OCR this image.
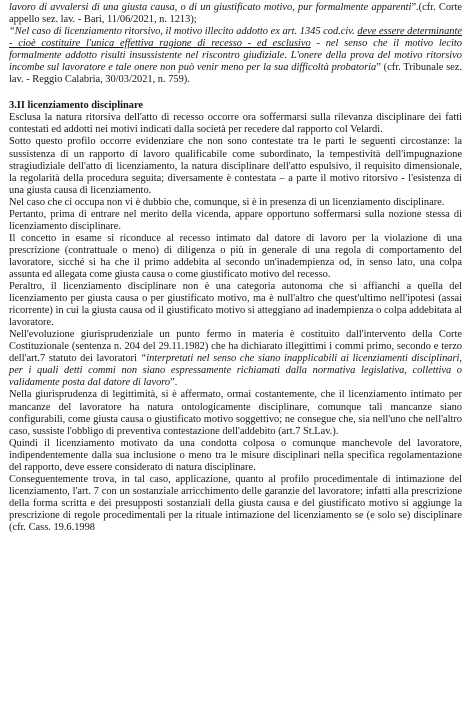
lavoro di avvalersi di una giusta causa, o di un giustificato motivo, pur formalmente apparenti”.(cfr. Corte appello sez. lav. - Bari, 11/06/2021, n. 1213);

“Nel caso di licenziamento ritorsivo, il motivo illecito addotto ex art. 1345 cod.civ. deve essere determinante - cioè costituire l'unica effettiva ragione di recesso - ed esclusivo - nel senso che il motivo lecito formalmente addotto risulti insussistente nel riscontro giudiziale. L'onere della prova del motivo ritorsivo incombe sul lavoratore e tale onere non può venir meno per la sua difficoltà probatoria” (cfr. Tribunale sez. lav. - Reggio Calabria, 30/03/2021, n. 759).

3.II licenziamento disciplinare

Esclusa la natura ritorsiva dell'atto di recesso occorre ora soffermarsi sulla rilevanza disciplinare dei fatti contestati ed addotti nei motivi indicati dalla società per recedere dal rapporto col Velardi.

Sotto questo profilo occorre evidenziare che non sono contestate tra le parti le seguenti circostanze: la sussistenza di un rapporto di lavoro qualificabile come subordinato, la tempestività dell'impugnazione stragiudiziale dell'atto di licenziamento, la natura disciplinare dell'atto espulsivo, il requisito dimensionale, la regolarità della procedura seguita; diversamente è contestata – a parte il motivo ritorsivo - l'esistenza di una giusta causa di licenziamento.

Nel caso che ci occupa non vi è dubbio che, comunque, si è in presenza di un licenziamento disciplinare.

Pertanto, prima di entrare nel merito della vicenda, appare opportuno soffermarsi sulla nozione stessa di licenziamento disciplinare.

Il concetto in esame si riconduce al recesso intimato dal datore di lavoro per la violazione di una prescrizione (contrattuale o meno) di diligenza o più in generale di una regola di comportamento del lavoratore, sicché si ha che il primo addebita al secondo un'inadempienza od, in senso lato, una colpa assunta ed allegata come giusta causa o come giustificato motivo del recesso.

Peraltro, il licenziamento disciplinare non è una categoria autonoma che si affianchi a quella del licenziamento per giusta causa o per giustificato motivo, ma è null'altro che quest'ultimo nell'ipotesi (assai ricorrente) in cui la giusta causa od il giustificato motivo si atteggiano ad inadempienza o colpa addebitata al lavoratore.

Nell'evoluzione giurisprudenziale un punto fermo in materia è costituito dall'intervento della Corte Costituzionale (sentenza n. 204 del 29.11.1982) che ha dichiarato illegittimi i commi primo, secondo e terzo dell'art.7 statuto dei lavoratori “interpretati nel senso che siano inapplicabili ai licenziamenti disciplinari, per i quali detti commi non siano espressamente richiamati dalla normativa legislativa, collettiva o validamente posta dal datore di lavoro”.

Nella giurisprudenza di legittimità, si è affermato, ormai costantemente, che il licenziamento intimato per mancanze del lavoratore ha natura ontologicamente disciplinare, comunque tali mancanze siano configurabili, come giusta causa o giustificato motivo soggettivo; ne consegue che, sia nell'uno che nell'altro caso, sussiste l'obbligo di preventiva contestazione dell'addebito (art.7 St.Lav.).

Quindi il licenziamento motivato da una condotta colposa o comunque manchevole del lavoratore, indipendentemente dalla sua inclusione o meno tra le misure disciplinari nella specifica regolamentazione del rapporto, deve essere considerato di natura disciplinare.

Conseguentemente trova, in tal caso, applicazione, quanto al profilo procedimentale di intimazione del licenziamento, l'art. 7 con un sostanziale arricchimento delle garanzie del lavoratore; infatti alla prescrizione della forma scritta e dei presupposti sostanziali della giusta causa e del giustificato motivo si aggiunge la prescrizione di regole procedimentali per la rituale intimazione del licenziamento se (e solo se) disciplinare (cfr. Cass. 19.6.1998
